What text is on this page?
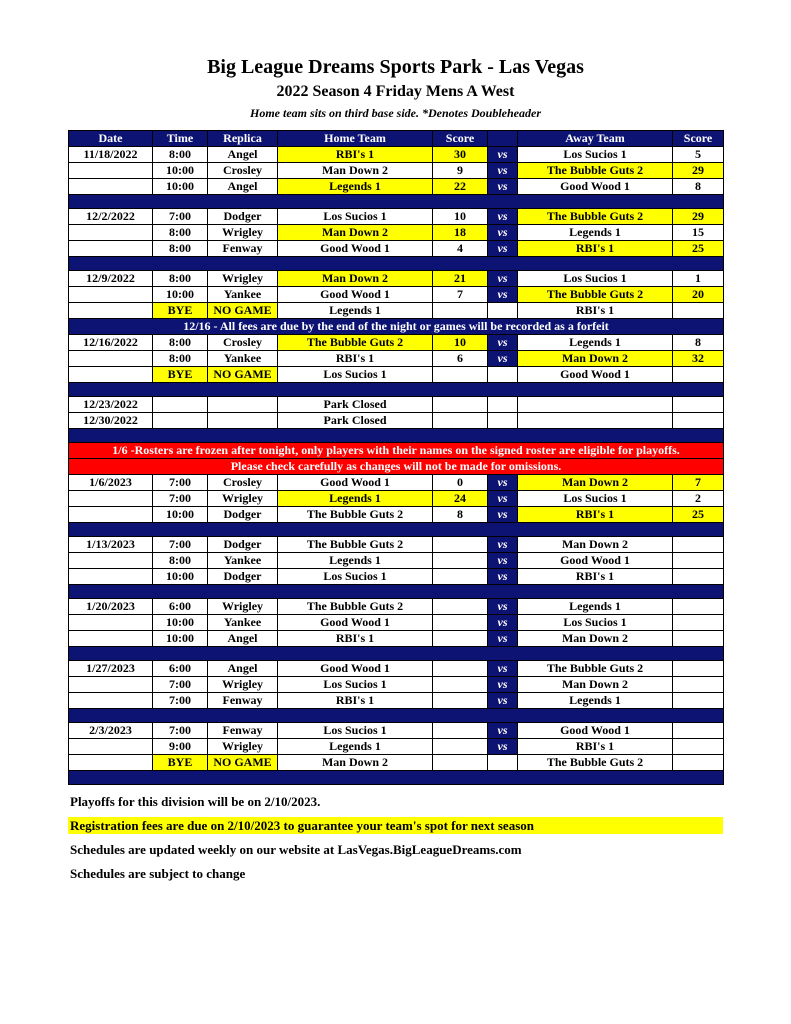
Big League Dreams Sports Park - Las Vegas
2022 Season 4 Friday Mens A West
Home team sits on third base side. *Denotes Doubleheader
Date	Time	Replica	Home Team	Score		Away Team	Score
11/18/2022	8:00	Angel	RBI's 1	30	vs	Los Sucios 1	5
	10:00	Crosley	Man Down 2	9	vs	The Bubble Guts 2	29
	10:00	Angel	Legends 1	22	vs	Good Wood 1	8

12/2/2022	7:00	Dodger	Los Sucios 1	10	vs	The Bubble Guts 2	29
	8:00	Wrigley	Man Down 2	18	vs	Legends 1	15
	8:00	Fenway	Good Wood 1	4	vs	RBI's 1	25

12/9/2022	8:00	Wrigley	Man Down 2	21	vs	Los Sucios 1	1
	10:00	Yankee	Good Wood 1	7	vs	The Bubble Guts 2	20
	BYE	NO GAME	Legends 1			RBI's 1	
12/16 - All fees are due by the end of the night or games will be recorded as a forfeit							
12/16/2022	8:00	Crosley	The Bubble Guts 2	10	vs	Legends 1	8
	8:00	Yankee	RBI's 1	6	vs	Man Down 2	32
	BYE	NO GAME	Los Sucios 1			Good Wood 1	

12/23/2022			Park Closed				
12/30/2022			Park Closed				

1/6 -Rosters are frozen after tonight, only players with their names on the signed roster are eligible for playoffs.							
Please check carefully as changes will not be made for omissions.							
1/6/2023	7:00	Crosley	Good Wood 1	0	vs	Man Down 2	7
	7:00	Wrigley	Legends 1	24	vs	Los Sucios 1	2
	10:00	Dodger	The Bubble Guts 2	8	vs	RBI's 1	25

1/13/2023	7:00	Dodger	The Bubble Guts 2		vs	Man Down 2	
	8:00	Yankee	Legends 1		vs	Good Wood 1	
	10:00	Dodger	Los Sucios 1		vs	RBI's 1	

1/20/2023	6:00	Wrigley	The Bubble Guts 2		vs	Legends 1	
	10:00	Yankee	Good Wood 1		vs	Los Sucios 1	
	10:00	Angel	RBI's 1		vs	Man Down 2	

1/27/2023	6:00	Angel	Good Wood 1		vs	The Bubble Guts 2	
	7:00	Wrigley	Los Sucios 1		vs	Man Down 2	
	7:00	Fenway	RBI's 1		vs	Legends 1	

2/3/2023	7:00	Fenway	Los Sucios 1		vs	Good Wood 1	
	9:00	Wrigley	Legends 1		vs	RBI's 1	
	BYE	NO GAME	Man Down 2			The Bubble Guts 2	

Playoffs for this division will be on 2/10/2023.
Registration fees are due on 2/10/2023 to guarantee your team's spot for next season
Schedules are updated weekly on our website at LasVegas.BigLeagueDreams.com
Schedules are subject to change
